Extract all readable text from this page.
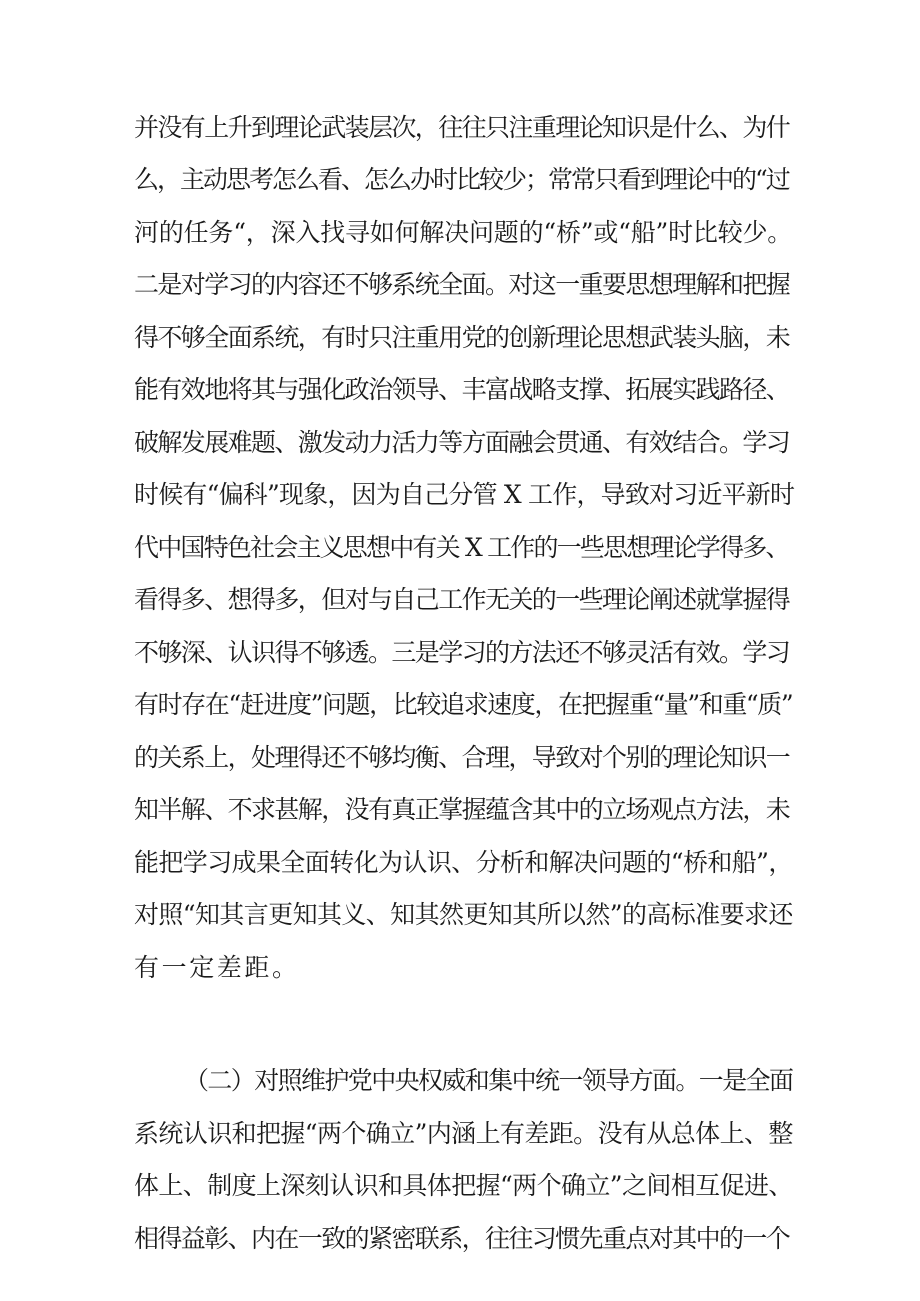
并没有上升到理论武装层次，往往只注重理论知识是什么、为什
么，主动思考怎么看、怎么办时比较少；常常只看到理论中的“过
河的任务“，深入找寻如何解决问题的“桥”或“船”时比较少。
二是对学习的内容还不够系统全面。对这一重要思想理解和把握
得不够全面系统，有时只注重用党的创新理论思想武装头脑，未
能有效地将其与强化政治领导、丰富战略支撑、拓展实践路径、
破解发展难题、激发动力活力等方面融会贯通、有效结合。学习
时候有“偏科”现象，因为自己分管 X 工作，导致对习近平新时
代中国特色社会主义思想中有关 X 工作的一些思想理论学得多、
看得多、想得多，但对与自己工作无关的一些理论阐述就掌握得
不够深、认识得不够透。三是学习的方法还不够灵活有效。学习
有时存在“赶进度”问题，比较追求速度，在把握重“量”和重“质”
的关系上，处理得还不够均衡、合理，导致对个别的理论知识一
知半解、不求甚解，没有真正掌握蕴含其中的立场观点方法，未
能把学习成果全面转化为认识、分析和解决问题的“桥和船”，
对照“知其言更知其义、知其然更知其所以然”的高标准要求还
有一定差距。
（二）对照维护党中央权威和集中统一领导方面。一是全面
系统认识和把握“两个确立”内涵上有差距。没有从总体上、整
体上、制度上深刻认识和具体把握“两个确立”之间相互促进、
相得益彰、内在一致的紧密联系，往往习惯先重点对其中的一个
